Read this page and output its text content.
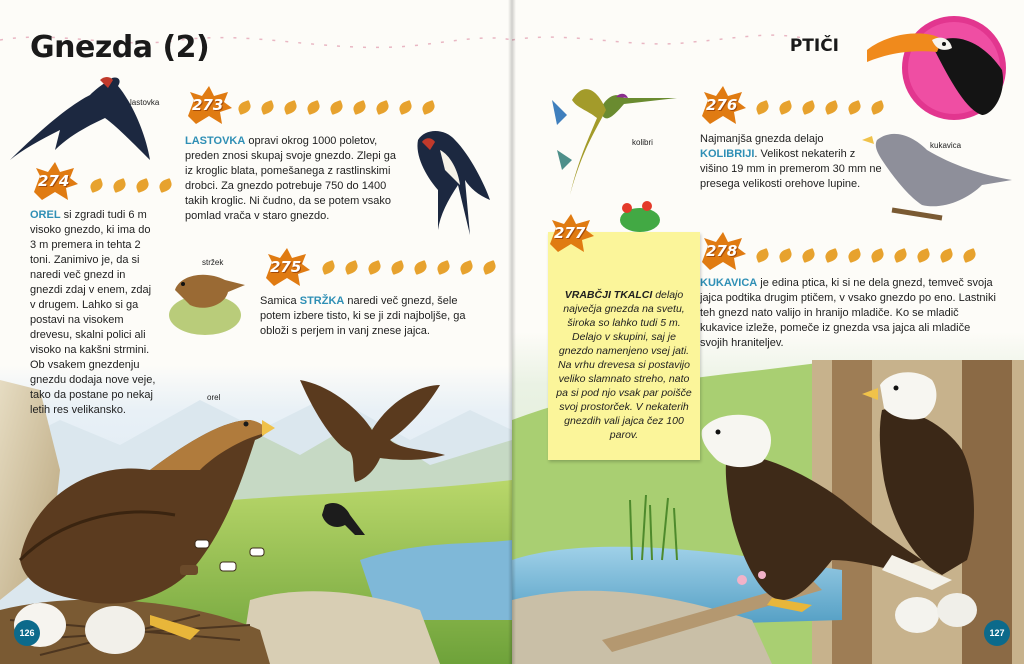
Gnezda (2)
lastovka
stržek
orel
273
LASTOVKA opravi okrog 1000 poletov, preden znosi skupaj svoje gnezdo. Zlepi ga iz kroglic blata, pomešanega z rastlinskimi drobci. Za gnezdo potrebuje 750 do 1400 takih kroglic. Ni čudno, da se potem vsako pomlad vrača v staro gnezdo.
274
OREL si zgradi tudi 6 m visoko gnezdo, ki ima do 3 m premera in tehta 2 toni. Zanimivo je, da si naredi več gnezd in gnezdi zdaj v enem, zdaj v drugem. Lahko si ga postavi na visokem drevesu, skalni polici ali visoko na kakšni strmini. Ob vsakem gnezdenju gnezdu dodaja nove veje, tako da postane po nekaj letih res velikansko.
275
Samica STRŽKA naredi več gnezd, šele potem izbere tisto, ki se ji zdi najboljše, ga obloži s perjem in vanj znese jajca.
126
PTIČI
kolibri	kukavica
276
Najmanjša gnezda delajo KOLIBRIJI. Velikost nekaterih z višino 19 mm in premerom 30 mm ne presega velikosti orehove lupine.
278
KUKAVICA je edina ptica, ki si ne dela gnezd, temveč svoja jajca podtika drugim ptičem, v vsako gnezdo po eno. Lastniki teh gnezd nato valijo in hranijo mladiče. Ko se mladič kukavice izleže, pomeče iz gnezda vsa jajca ali mladiče svojih hraniteljev.
127
VRABČJI TKALCI delajo največja gnezda na svetu, široka so lahko tudi 5 m. Delajo v skupini, saj je gnezdo namenjeno vsej jati. Na vrhu drevesa si postavijo veliko slamnato streho, nato pa si pod njo vsak par poišče svoj prostorček. V nekaterih gnezdih vali jajca čez 100 parov.
277
